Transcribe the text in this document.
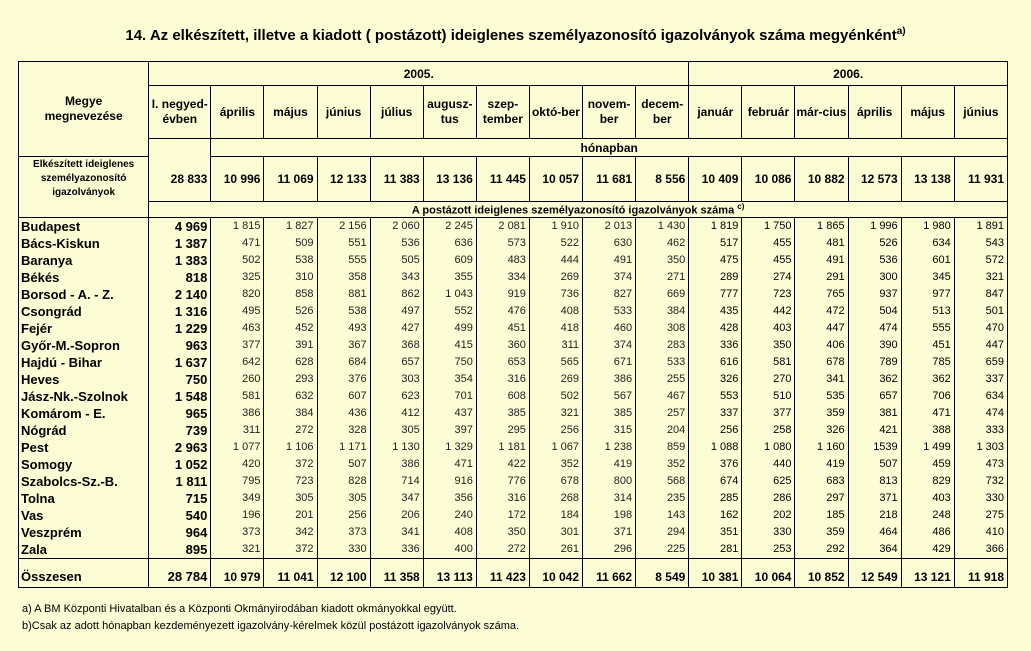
14. Az elkészített, illetve a kiadott ( postázott) ideiglenes személyazonosító igazolványok száma megyénként$^{a)}$
Megye megnevezése	2005.										2006.					
	I. negyed-évben	április	május	június	július	augusz-tus	szep-tember	októ-ber	novem-ber	decem-ber	január	február	már-cius	április	május	június
		hónapban														
Elkészített ideiglenes személyazonosító igazolványok	28 833	10 996	11 069	12 133	11 383	13 136	11 445	10 057	11 681	8 556	10 409	10 086	10 882	12 573	13 138	11 931
	A postázott ideiglenes személyazonosító igazolványok száma $^{c)}$
Budapest	4 969	1 815	1 827	2 156	2 060	2 245	2 081	1 910	2 013	1 430	1 819	1 750	1 865	1 996	1 980	1 891
Bács-Kiskun	1 387	471	509	551	536	636	573	522	630	462	517	455	481	526	634	543
Baranya	1 383	502	538	555	505	609	483	444	491	350	475	455	491	536	601	572
Békés	818	325	310	358	343	355	334	269	374	271	289	274	291	300	345	321
Borsod - A. - Z.	2 140	820	858	881	862	1 043	919	736	827	669	777	723	765	937	977	847
Csongrád	1 316	495	526	538	497	552	476	408	533	384	435	442	472	504	513	501
Fejér	1 229	463	452	493	427	499	451	418	460	308	428	403	447	474	555	470
Győr-M.-Sopron	963	377	391	367	368	415	360	311	374	283	336	350	406	390	451	447
Hajdú - Bihar	1 637	642	628	684	657	750	653	565	671	533	616	581	678	789	785	659
Heves	750	260	293	376	303	354	316	269	386	255	326	270	341	362	362	337
Jász-Nk.-Szolnok	1 548	581	632	607	623	701	608	502	567	467	553	510	535	657	706	634
Komárom - E.	965	386	384	436	412	437	385	321	385	257	337	377	359	381	471	474
Nógrád	739	311	272	328	305	397	295	256	315	204	256	258	326	421	388	333
Pest	2 963	1 077	1 106	1 171	1 130	1 329	1 181	1 067	1 238	859	1 088	1 080	1 160	1539	1 499	1 303
Somogy	1 052	420	372	507	386	471	422	352	419	352	376	440	419	507	459	473
Szabolcs-Sz.-B.	1 811	795	723	828	714	916	776	678	800	568	674	625	683	813	829	732
Tolna	715	349	305	305	347	356	316	268	314	235	285	286	297	371	403	330
Vas	540	196	201	256	206	240	172	184	198	143	162	202	185	218	248	275
Veszprém	964	373	342	373	341	408	350	301	371	294	351	330	359	464	486	410
Zala	895	321	372	330	336	400	272	261	296	225	281	253	292	364	429	366
Összesen	28 784	10 979	11 041	12 100	11 358	13 113	11 423	10 042	11 662	8 549	10 381	10 064	10 852	12 549	13 121	11 918
a) A BM Központi Hivatalban és a Központi Okmányirodában kiadott okmányokkal együtt.
b)Csak az adott hónapban kezdeményezett igazolvány-kérelmek közül postázott igazolványok száma.
